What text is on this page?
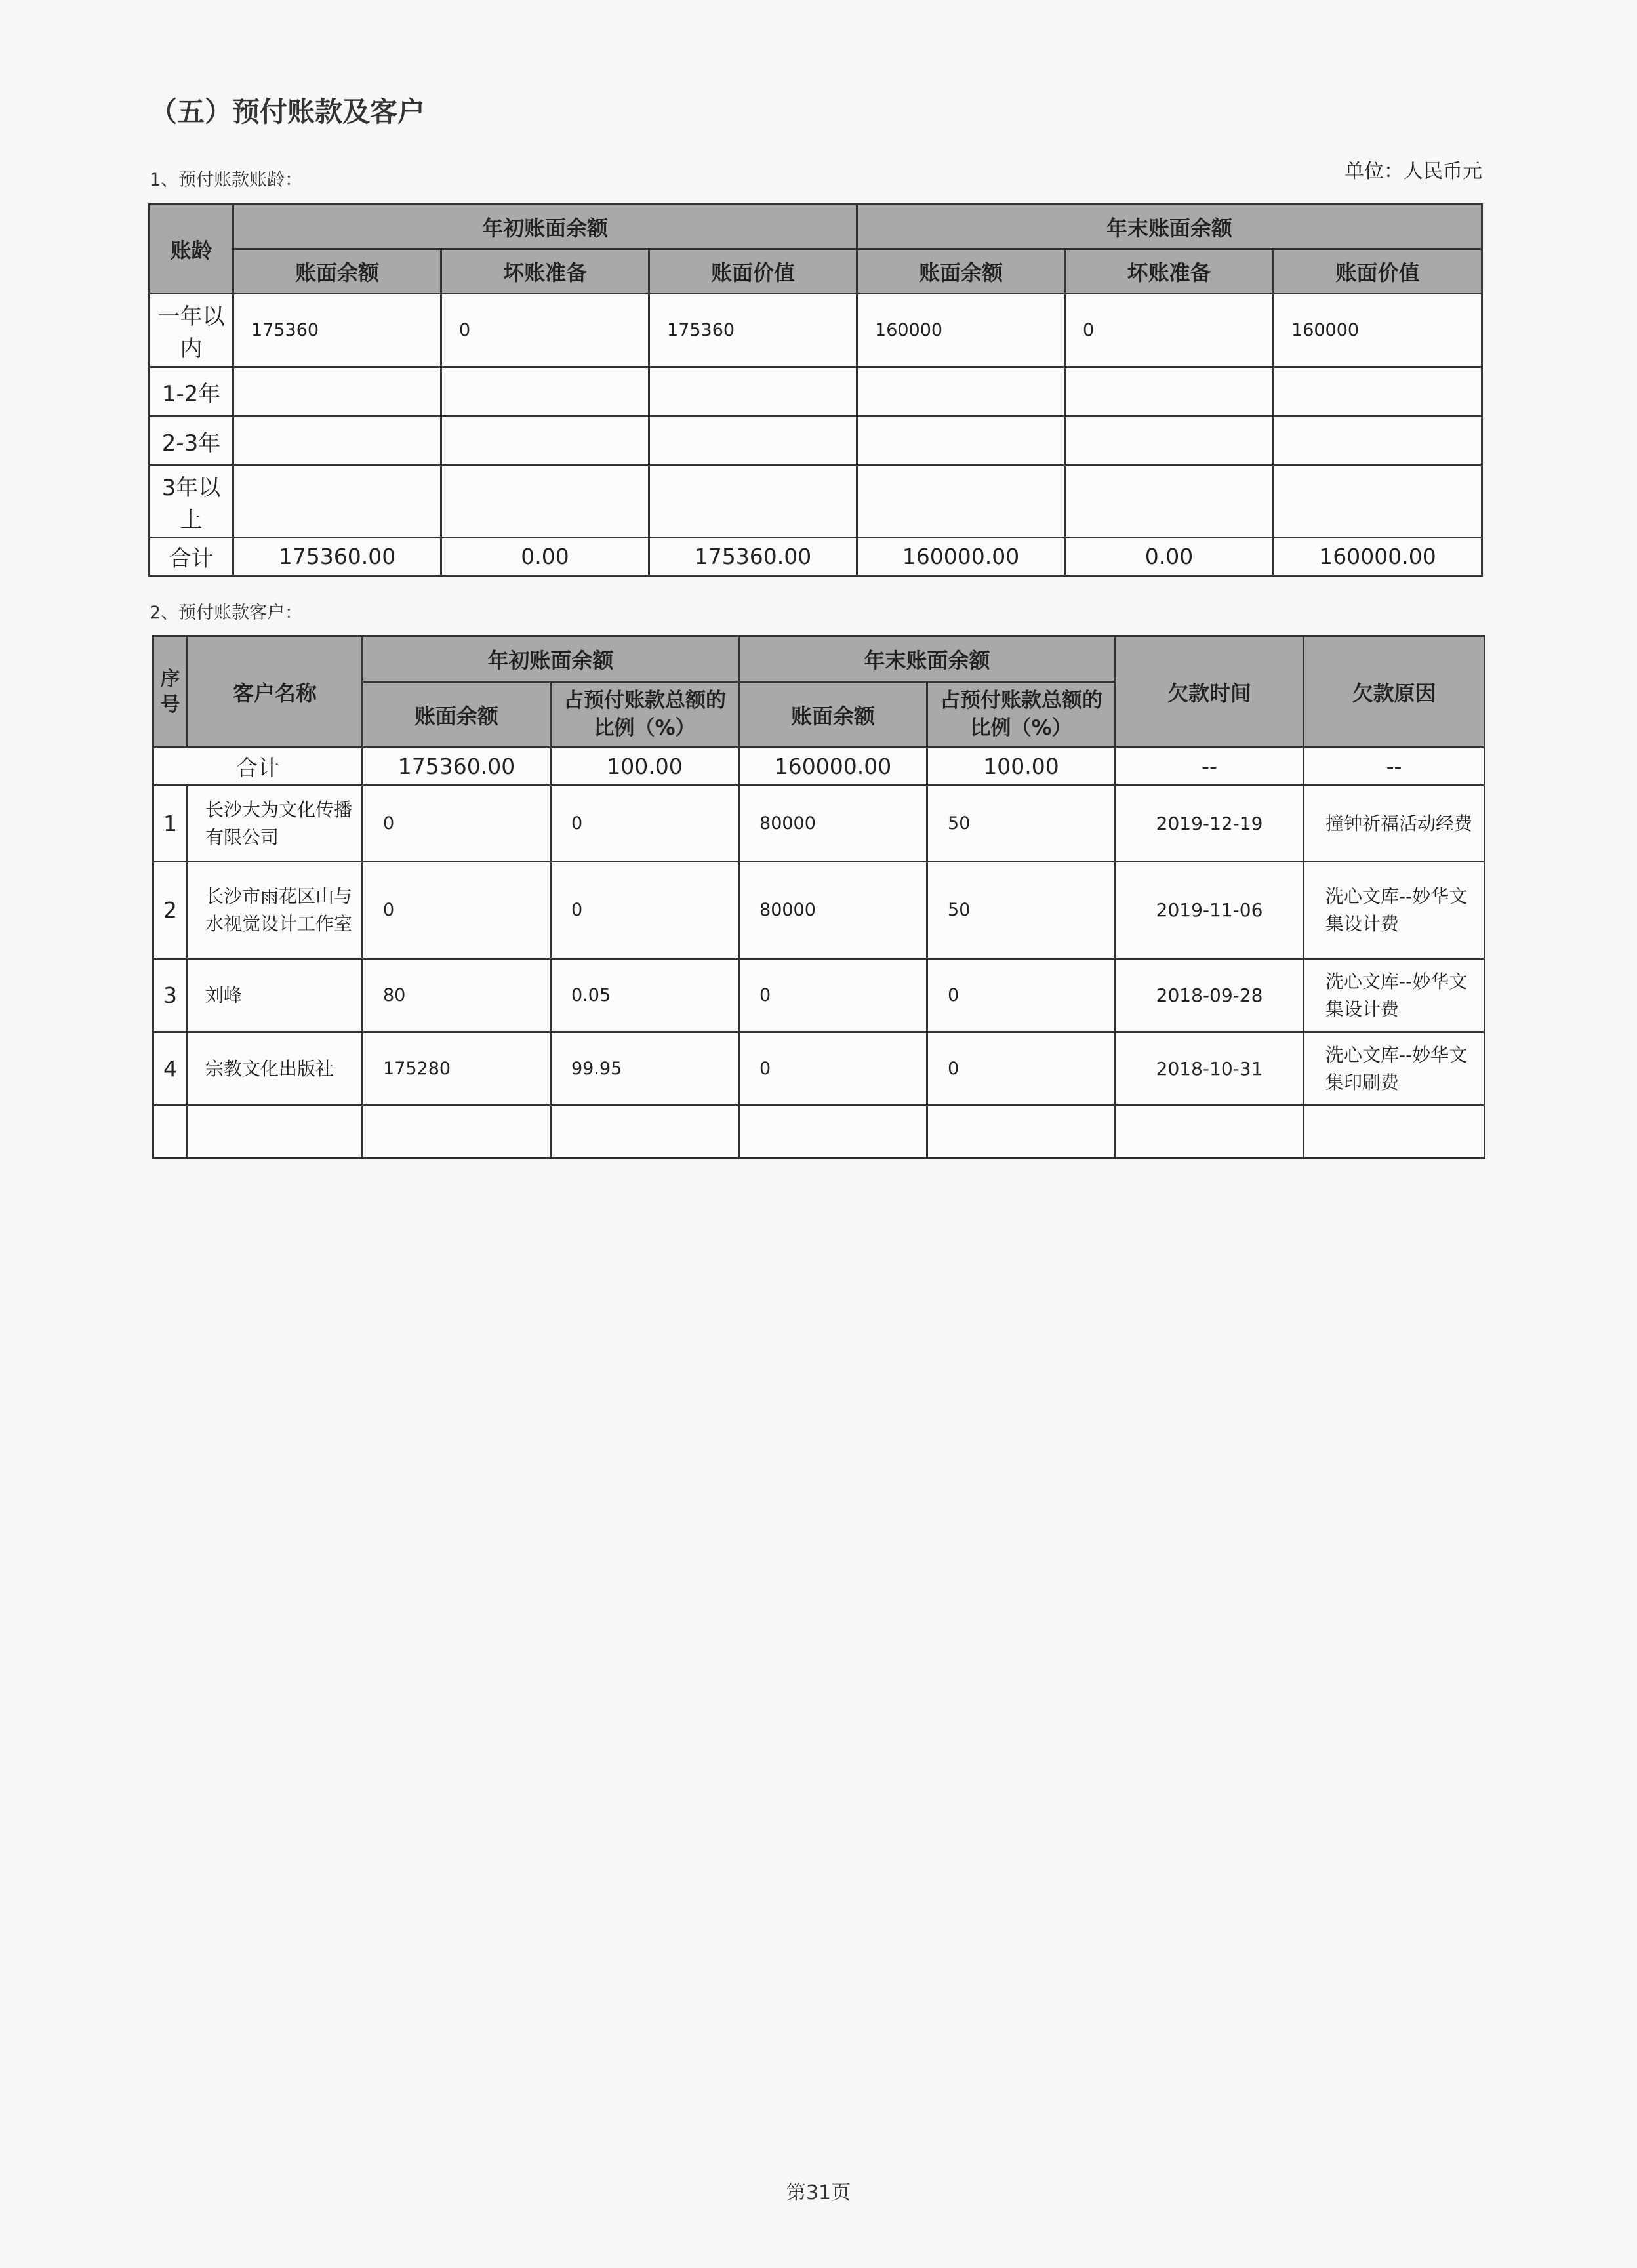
（五）预付账款及客户
1、预付账款账龄：	单位：人民币元
账龄	年初账面余额			年末账面余额		
	账面余额	坏账准备	账面价值	账面余额	坏账准备	账面价值
一年以内	175360	0	175360	160000	0	160000
1-2年						
2-3年						
3年以上						
合计	175360.00	0.00	175360.00	160000.00	0.00	160000.00
2、预付账款客户：
序号	客户名称	年初账面余额		年末账面余额		欠款时间	欠款原因
		账面余额	占预付账款总额的比例（%）	账面余额	占预付账款总额的比例（%）		
合计		175360.00	100.00	160000.00	100.00	--	--
1	长沙大为文化传播有限公司	0	0	80000	50	2019-12-19	撞钟祈福活动经费
2	长沙市雨花区山与水视觉设计工作室	0	0	80000	50	2019-11-06	洗心文库--妙华文集设计费
3	刘峰	80	0.05	0	0	2018-09-28	洗心文库--妙华文集设计费
4	宗教文化出版社	175280	99.95	0	0	2018-10-31	洗心文库--妙华文集印刷费

第31页
